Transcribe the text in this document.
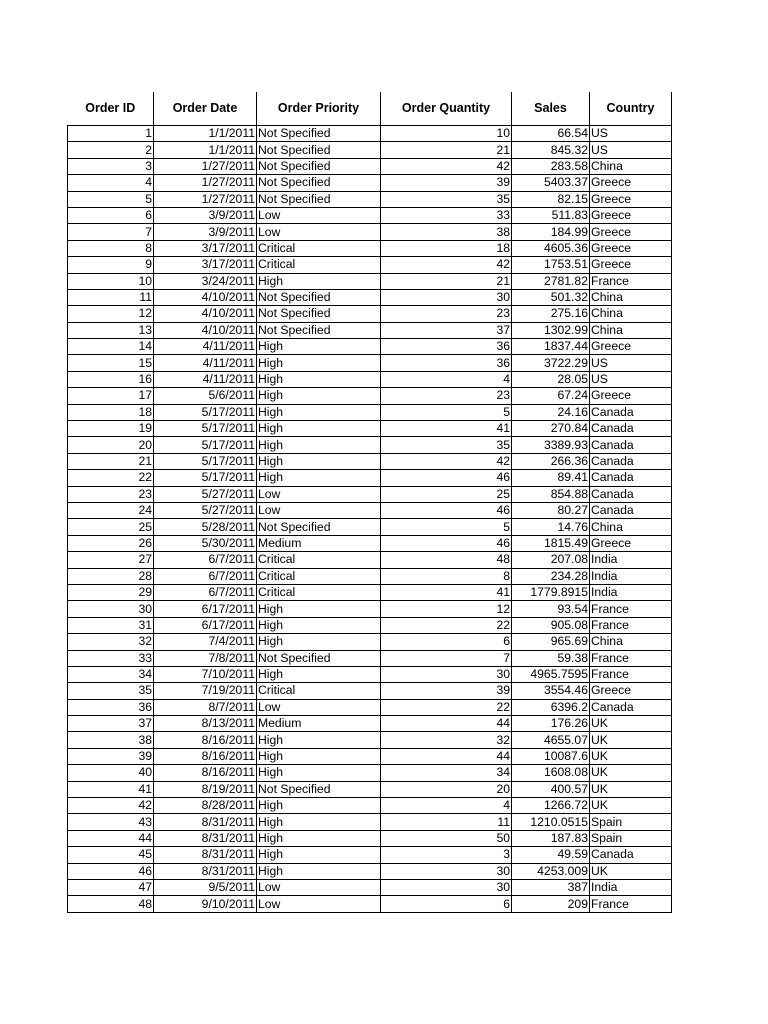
Order ID	Order Date	Order Priority	Order Quantity	Sales	Country
1	1/1/2011	Not Specified	10	66.54	US
2	1/1/2011	Not Specified	21	845.32	US
3	1/27/2011	Not Specified	42	283.58	China
4	1/27/2011	Not Specified	39	5403.37	Greece
5	1/27/2011	Not Specified	35	82.15	Greece
6	3/9/2011	Low	33	511.83	Greece
7	3/9/2011	Low	38	184.99	Greece
8	3/17/2011	Critical	18	4605.36	Greece
9	3/17/2011	Critical	42	1753.51	Greece
10	3/24/2011	High	21	2781.82	France
11	4/10/2011	Not Specified	30	501.32	China
12	4/10/2011	Not Specified	23	275.16	China
13	4/10/2011	Not Specified	37	1302.99	China
14	4/11/2011	High	36	1837.44	Greece
15	4/11/2011	High	36	3722.29	US
16	4/11/2011	High	4	28.05	US
17	5/6/2011	High	23	67.24	Greece
18	5/17/2011	High	5	24.16	Canada
19	5/17/2011	High	41	270.84	Canada
20	5/17/2011	High	35	3389.93	Canada
21	5/17/2011	High	42	266.36	Canada
22	5/17/2011	High	46	89.41	Canada
23	5/27/2011	Low	25	854.88	Canada
24	5/27/2011	Low	46	80.27	Canada
25	5/28/2011	Not Specified	5	14.76	China
26	5/30/2011	Medium	46	1815.49	Greece
27	6/7/2011	Critical	48	207.08	India
28	6/7/2011	Critical	8	234.28	India
29	6/7/2011	Critical	41	1779.8915	India
30	6/17/2011	High	12	93.54	France
31	6/17/2011	High	22	905.08	France
32	7/4/2011	High	6	965.69	China
33	7/8/2011	Not Specified	7	59.38	France
34	7/10/2011	High	30	4965.7595	France
35	7/19/2011	Critical	39	3554.46	Greece
36	8/7/2011	Low	22	6396.2	Canada
37	8/13/2011	Medium	44	176.26	UK
38	8/16/2011	High	32	4655.07	UK
39	8/16/2011	High	44	10087.6	UK
40	8/16/2011	High	34	1608.08	UK
41	8/19/2011	Not Specified	20	400.57	UK
42	8/28/2011	High	4	1266.72	UK
43	8/31/2011	High	11	1210.0515	Spain
44	8/31/2011	High	50	187.83	Spain
45	8/31/2011	High	3	49.59	Canada
46	8/31/2011	High	30	4253.009	UK
47	9/5/2011	Low	30	387	India
48	9/10/2011	Low	6	209	France
